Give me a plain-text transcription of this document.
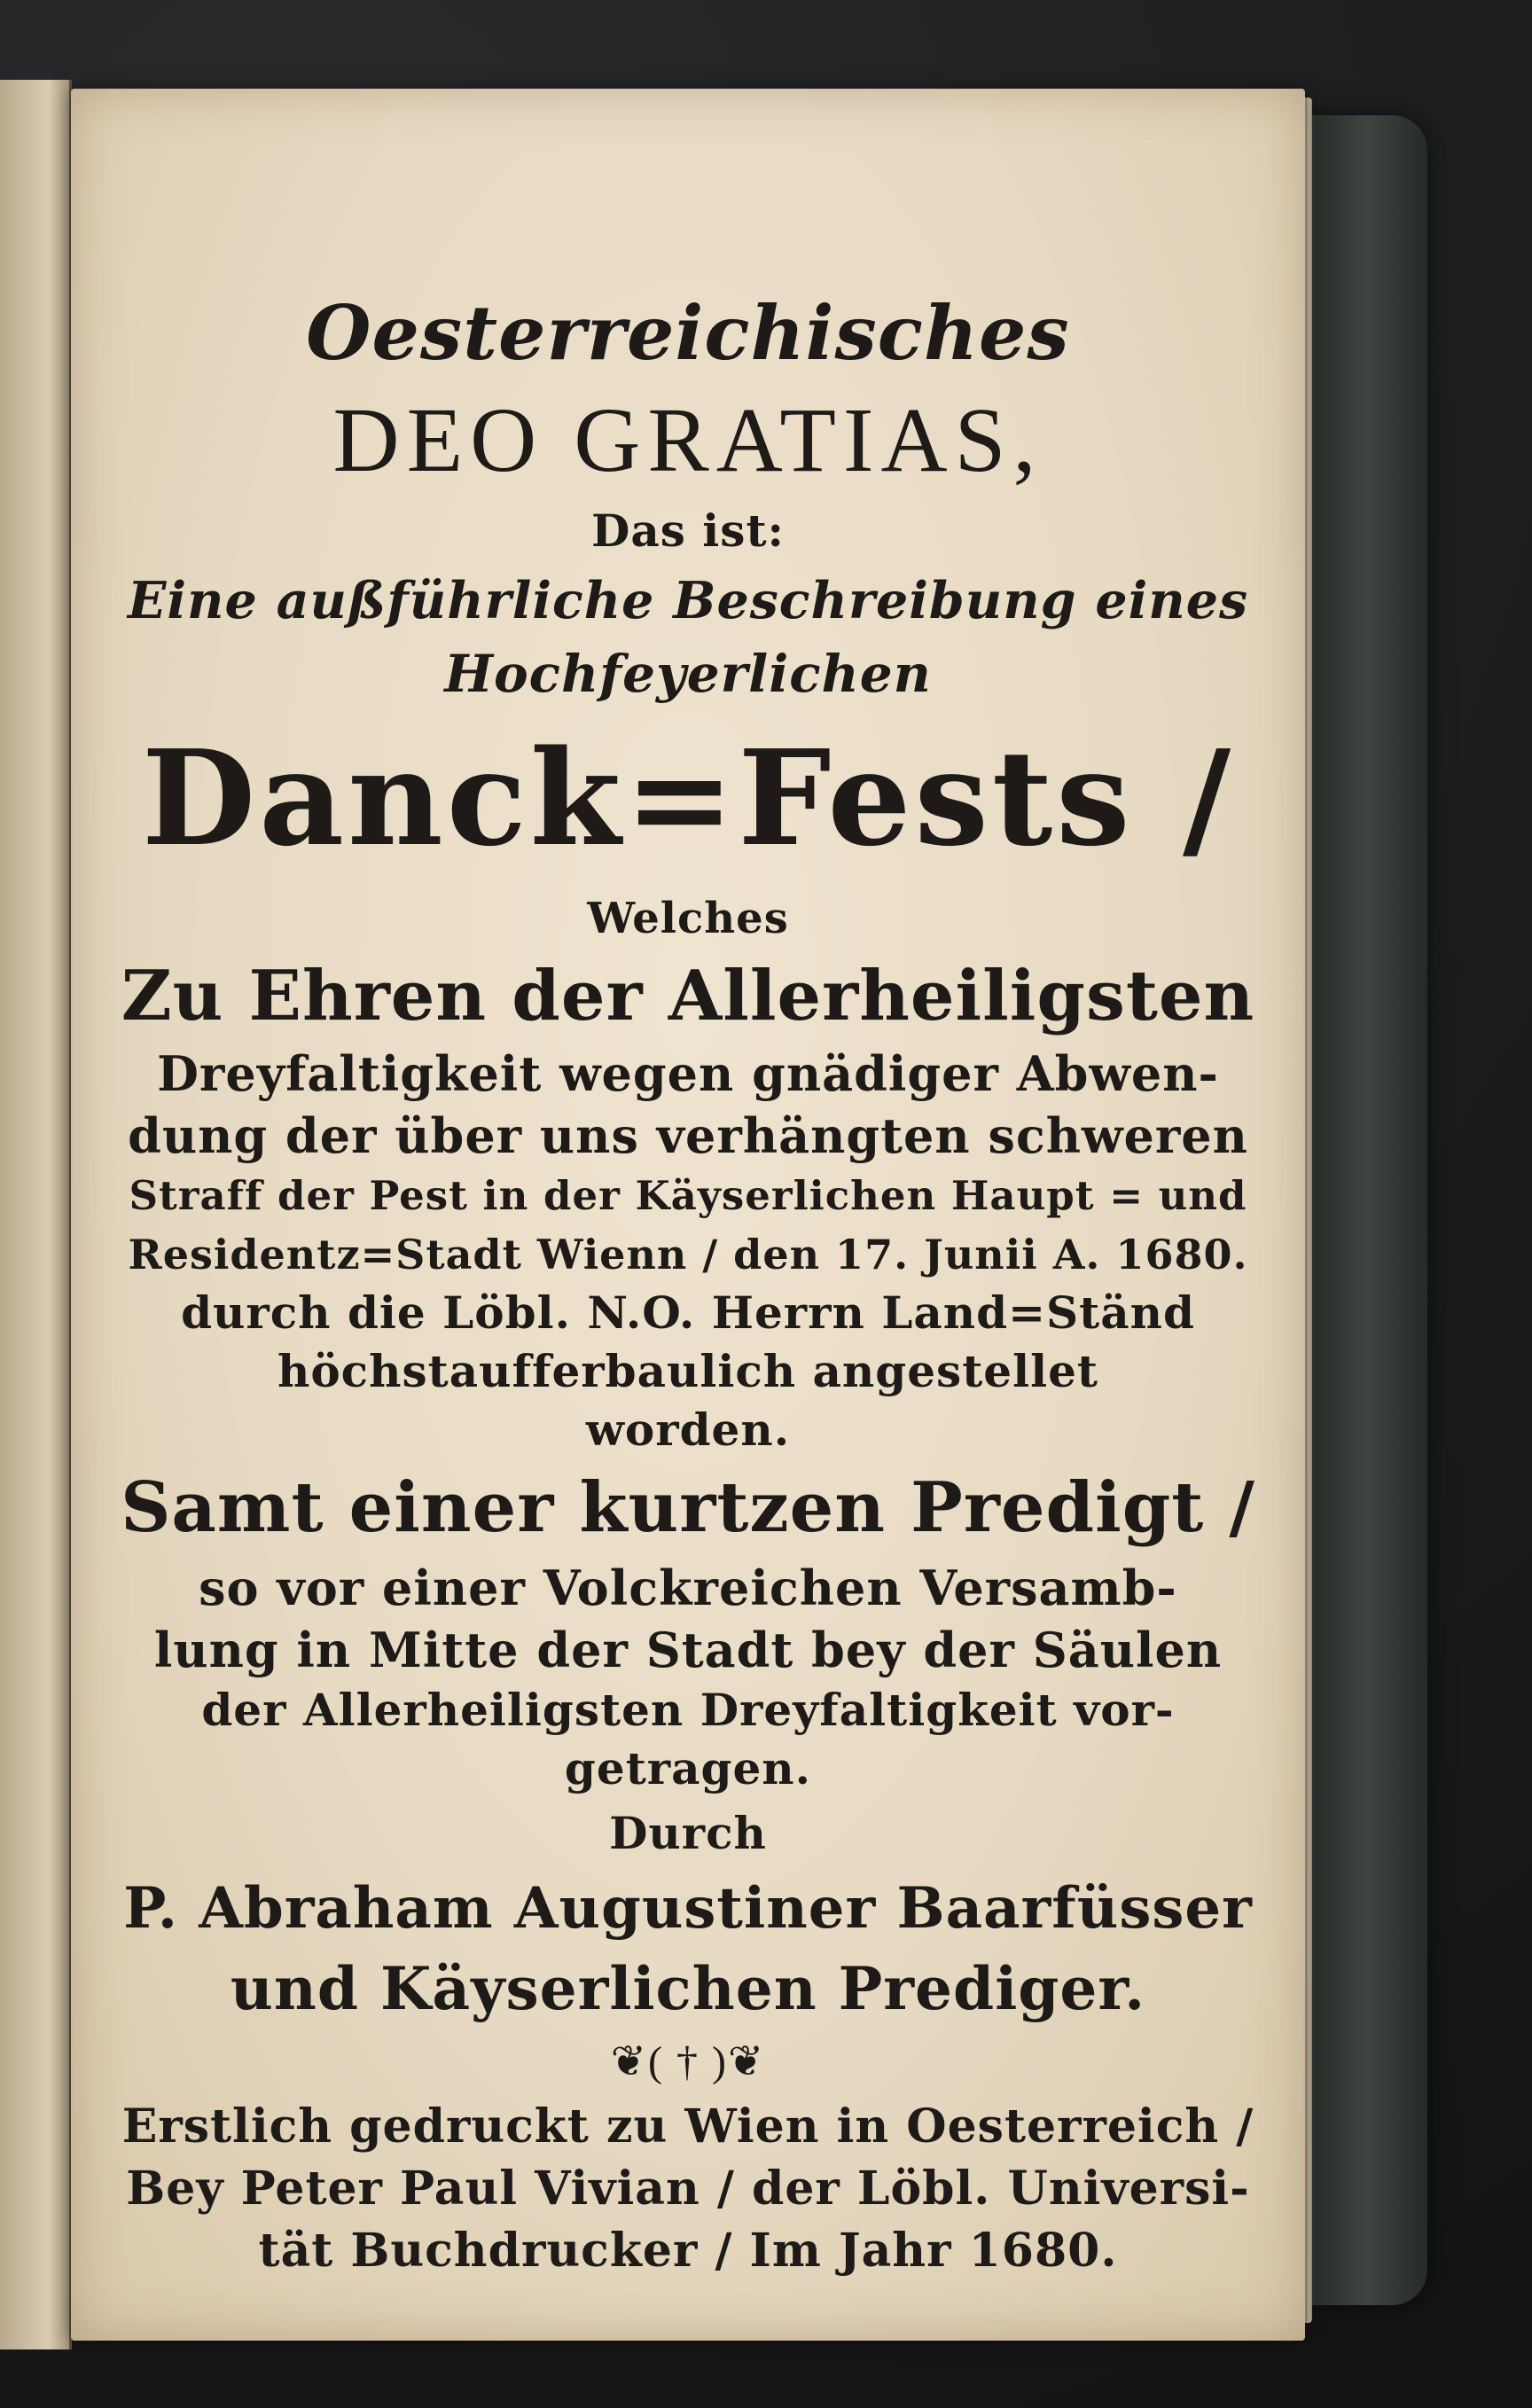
Oesterreichisches
DEO GRATIAS,
Das ist:
Eine außführliche Beschreibung eines
Hochfeyerlichen
Danck=Fests /
Welches
Zu Ehren der Allerheiligsten
Dreyfaltigkeit wegen gnädiger Abwen-
dung der über uns verhängten schweren
Straff der Pest in der Käyserlichen Haupt = und
Residentz=Stadt Wienn / den 17. Junii A. 1680.
durch die Löbl. N.O. Herrn Land=Ständ
höchstaufferbaulich angestellet
worden.
Samt einer kurtzen Predigt /
so vor einer Volckreichen Versamb-
lung in Mitte der Stadt bey der Säulen
der Allerheiligsten Dreyfaltigkeit vor-
getragen.
Durch
P. Abraham Augustiner Baarfüsser
und Käyserlichen Prediger.
❦( † )❦
Erstlich gedruckt zu Wien in Oesterreich /
Bey Peter Paul Vivian / der Löbl. Universi-
tät Buchdrucker / Im Jahr 1680.
